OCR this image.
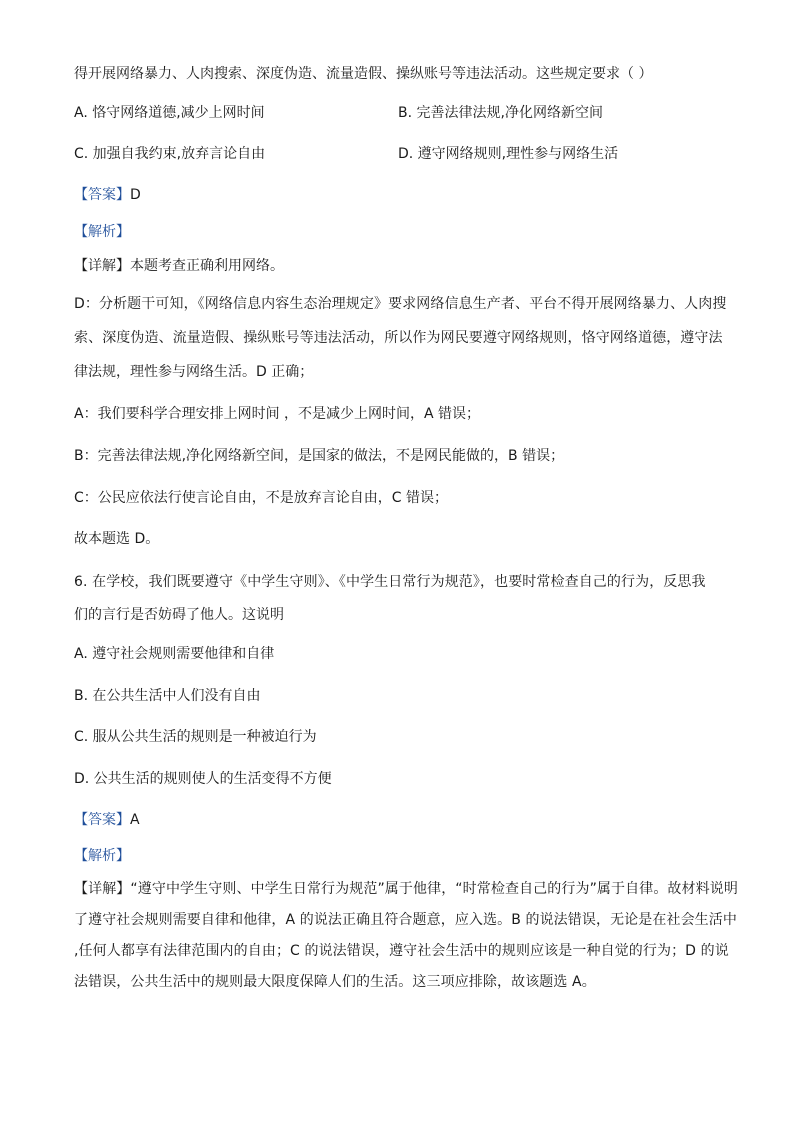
得开展网络暴力、人肉搜索、深度伪造、流量造假、操纵账号等违法活动。这些规定要求（ ）
A. 恪守网络道德,减少上网时间	B. 完善法律法规,净化网络新空间
C. 加强自我约束,放弃言论自由	D. 遵守网络规则,理性参与网络生活
【答案】D
【解析】
【详解】本题考查正确利用网络。
D：分析题干可知，《网络信息内容生态治理规定》要求网络信息生产者、平台不得开展网络暴力、人肉搜
索、深度伪造、流量造假、操纵账号等违法活动，所以作为网民要遵守网络规则，恪守网络道德，遵守法
律法规，理性参与网络生活。D 正确；
A：我们要科学合理安排上网时间 ，不是减少上网时间，A 错误；
B：完善法律法规,净化网络新空间，是国家的做法，不是网民能做的，B 错误；
C：公民应依法行使言论自由，不是放弃言论自由，C 错误；
故本题选 D。
6. 在学校，我们既要遵守《中学生守则》、《中学生日常行为规范》，也要时常检查自己的行为，反思我
们的言行是否妨碍了他人。这说明
A. 遵守社会规则需要他律和自律
B. 在公共生活中人们没有自由
C. 服从公共生活的规则是一种被迫行为
D. 公共生活的规则使人的生活变得不方便
【答案】A
【解析】
【详解】“遵守中学生守则、中学生日常行为规范”属于他律，“时常检查自己的行为”属于自律。故材料说明
了遵守社会规则需要自律和他律，A 的说法正确且符合题意，应入选。B 的说法错误，无论是在社会生活中
,任何人都享有法律范围内的自由；C 的说法错误，遵守社会生活中的规则应该是一种自觉的行为；D 的说
法错误，公共生活中的规则最大限度保障人们的生活。这三项应排除，故该题选 A。
